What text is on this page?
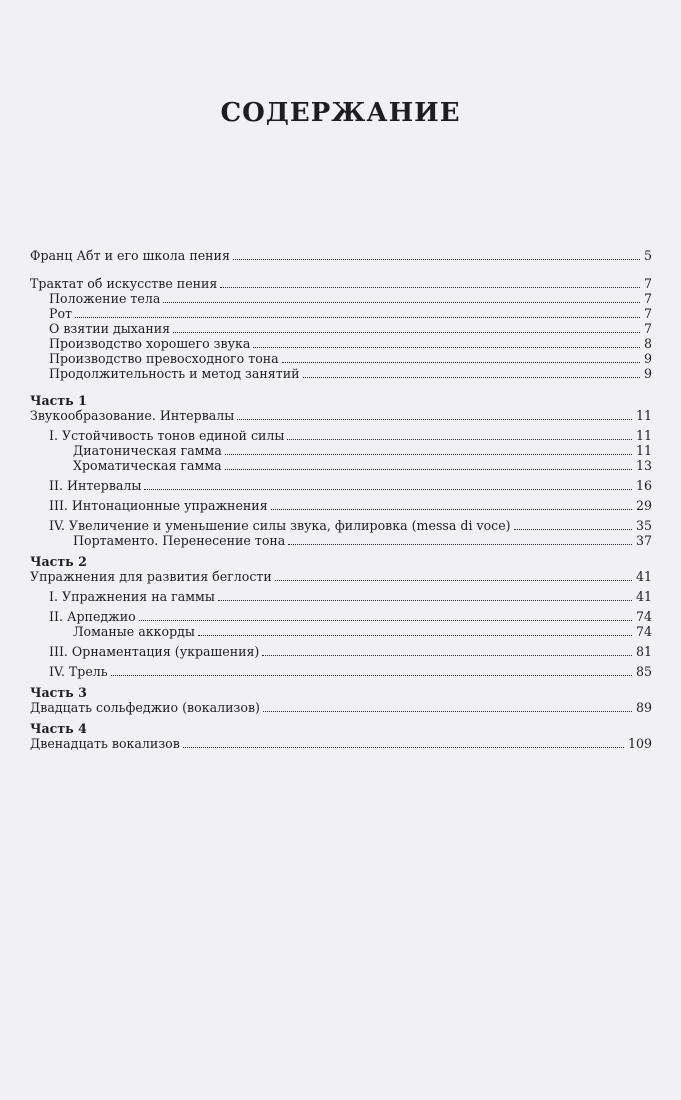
СОДЕРЖАНИЕ
Франц Абт и его школа пения	5
Трактат об искусстве пения	7
Положение тела	7
Рот	7
О взятии дыхания	7
Производство хорошего звука	8
Производство превосходного тона	9
Продолжительность и метод занятий	9
Часть 1
Звукообразование. Интервалы	11
I. Устойчивость тонов единой силы	11
Диатоническая гамма	11
Хроматическая гамма	13
II. Интервалы	16
III. Интонационные упражнения	29
IV. Увеличение и уменьшение силы звука, филировка (messa di voce)	35
Портаменто. Перенесение тона	37
Часть 2
Упражнения для развития беглости	41
I. Упражнения на гаммы	41
II. Арпеджио	74
Ломаные аккорды	74
III. Орнаментация (украшения)	81
IV. Трель	85
Часть 3
Двадцать сольфеджио (вокализов)	89
Часть 4
Двенадцать вокализов	109
